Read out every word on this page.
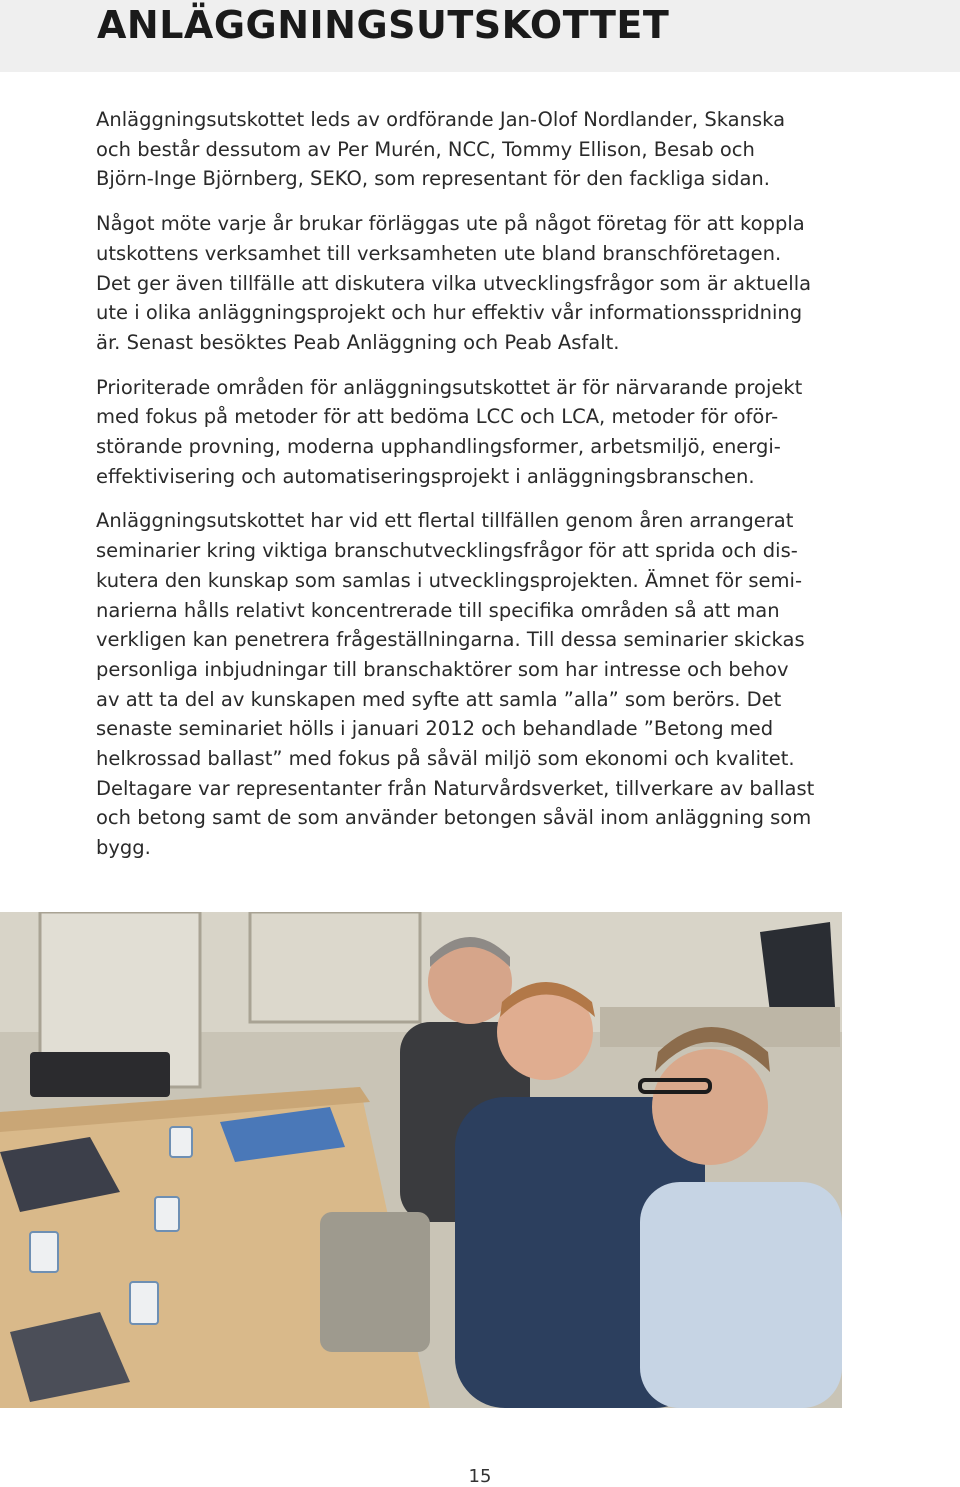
ANLÄGGNINGSUTSKOTTET

Anläggningsutskottet leds av ordförande Jan-Olof Nordlander, Skanska
och består dessutom av Per Murén, NCC, Tommy Ellison, Besab och
Björn-Inge Björnberg, SEKO, som representant för den fackliga sidan.

Något möte varje år brukar förläggas ute på något företag för att koppla
utskottens verksamhet till verksamheten ute bland branschföretagen.

Det ger även tillfälle att diskutera vilka utvecklingsfrågor som är aktuella
ute i olika anläggningsprojekt och hur effektiv vår informationsspridning
är. Senast besöktes Peab Anläggning och Peab Asfalt.

Prioriterade områden för anläggningsutskottet är för närvarande projekt
med fokus på metoder för att bedöma LCC och LCA, metoder för oför-
störande provning, moderna upphandlingsformer, arbetsmiljö, energi-
effektivisering och automatiseringsprojekt i anläggningsbranschen.

Anläggningsutskottet har vid ett flertal tillfällen genom åren arrangerat
seminarier kring viktiga branschutvecklingsfrågor för att sprida och dis-
kutera den kunskap som samlas i utvecklingsprojekten. Ämnet för semi-
narierna hålls relativt koncentrerade till specifika områden så att man
verkligen kan penetrera frågeställningarna. Till dessa seminarier skickas
personliga inbjudningar till branschaktörer som har intresse och behov
av att ta del av kunskapen med syfte att samla ”alla” som berörs. Det
senaste seminariet hölls i januari 2012 och behandlade ”Betong med
helkrossad ballast” med fokus på såväl miljö som ekonomi och kvalitet.
Deltagare var representanter från Naturvårdsverket, tillverkare av ballast
och betong samt de som använder betongen såväl inom anläggning som
bygg.

15
